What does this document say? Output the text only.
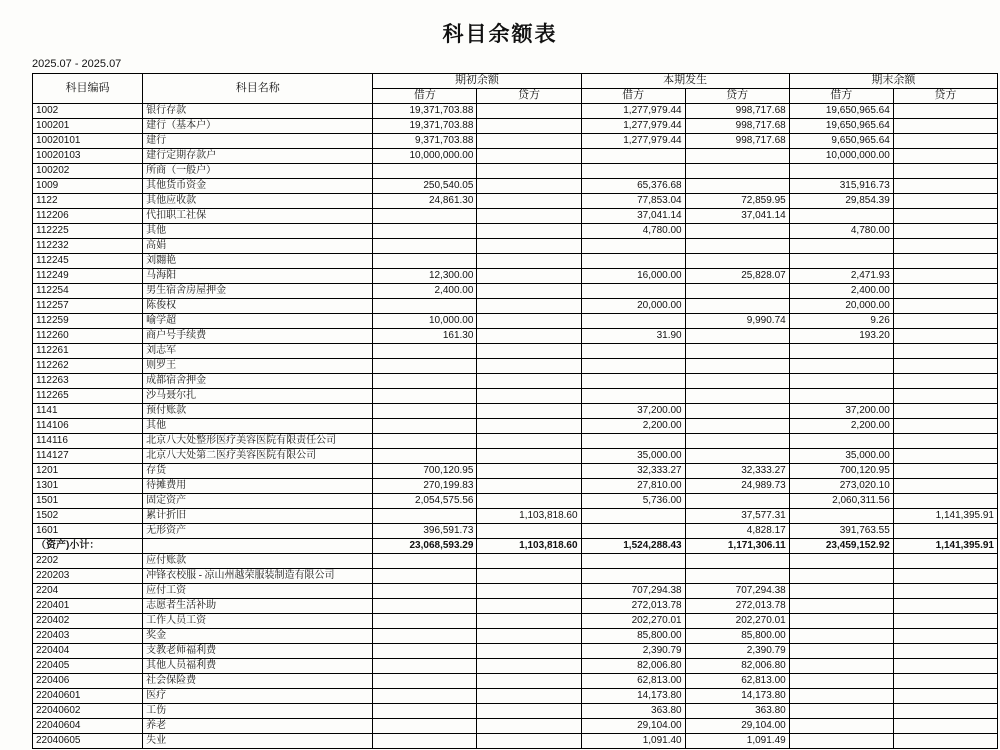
科目余额表
2025.07 - 2025.07
科目编码	科目名称	期初余额		本期发生		期末余额	
		借方	贷方	借方	贷方	借方	贷方
1002	银行存款	19,371,703.88		1,277,979.44	998,717.68	19,650,965.64	
100201	建行（基本户）	19,371,703.88		1,277,979.44	998,717.68	19,650,965.64	
10020101	建行	9,371,703.88		1,277,979.44	998,717.68	9,650,965.64	
10020103	建行定期存款户	10,000,000.00				10,000,000.00	
100202	所商（一般户）						
1009	其他货币资金	250,540.05		65,376.68		315,916.73	
1122	其他应收款	24,861.30		77,853.04	72,859.95	29,854.39	
112206	代扣职工社保			37,041.14	37,041.14		
112225	其他			4,780.00		4,780.00	
112232	高娟						
112245	刘翾艳						
112249	马海阳	12,300.00		16,000.00	25,828.07	2,471.93	
112254	男生宿舍房屋押金	2,400.00				2,400.00	
112257	陈俊权			20,000.00		20,000.00	
112259	喻学超	10,000.00			9,990.74	9.26	
112260	商户号手续费	161.30		31.90		193.20	
112261	刘志军						
112262	则罗王						
112263	成都宿舍押金						
112265	沙马聂尔扎						
1141	预付账款			37,200.00		37,200.00	
114106	其他			2,200.00		2,200.00	
114116	北京八大处整形医疗美容医院有限责任公司						
114127	北京八大处第二医疗美容医院有限公司			35,000.00		35,000.00	
1201	存货	700,120.95		32,333.27	32,333.27	700,120.95	
1301	待摊费用	270,199.83		27,810.00	24,989.73	273,020.10	
1501	固定资产	2,054,575.56		5,736.00		2,060,311.56	
1502	累计折旧		1,103,818.60		37,577.31		1,141,395.91
1601	无形资产	396,591.73			4,828.17	391,763.55	
（资产)小计：		23,068,593.29	1,103,818.60	1,524,288.43	1,171,306.11	23,459,152.92	1,141,395.91
2202	应付账款						
220203	冲锋衣校服 - 凉山州越荣服装制造有限公司						
2204	应付工资			707,294.38	707,294.38		
220401	志愿者生活补助			272,013.78	272,013.78		
220402	工作人员工资			202,270.01	202,270.01		
220403	奖金			85,800.00	85,800.00		
220404	支教老师福利费			2,390.79	2,390.79		
220405	其他人员福利费			82,006.80	82,006.80		
220406	社会保险费			62,813.00	62,813.00		
22040601	医疗			14,173.80	14,173.80		
22040602	工伤			363.80	363.80		
22040604	养老			29,104.00	29,104.00		
22040605	失业			1,091.40	1,091.49		
